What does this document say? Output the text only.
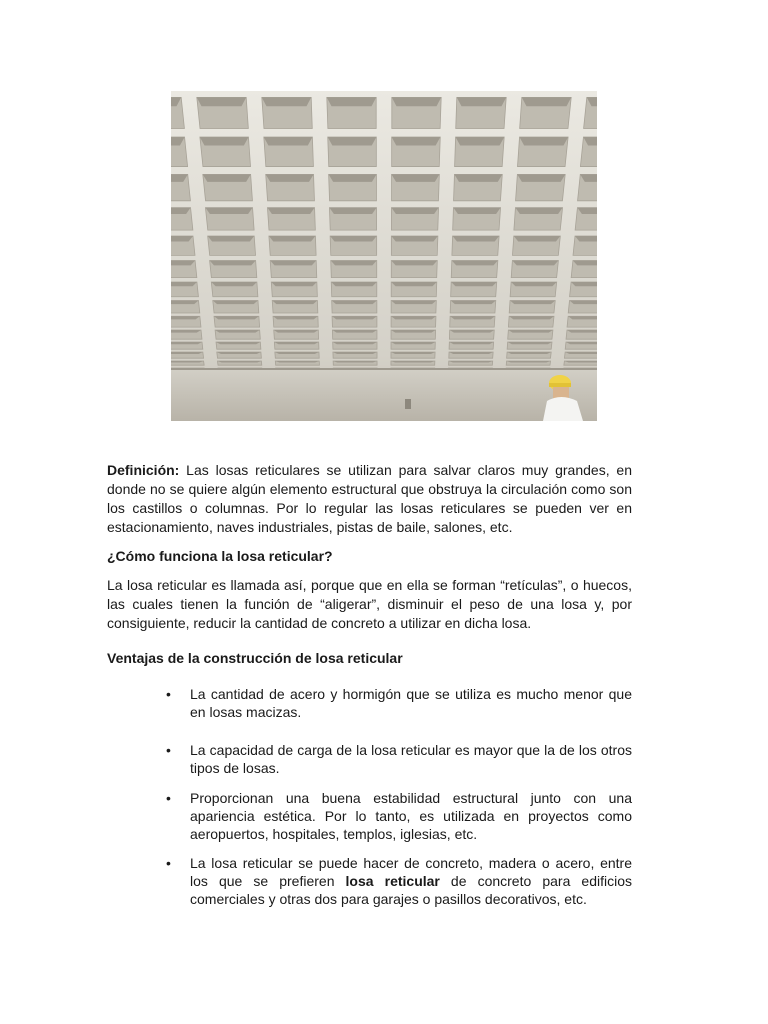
Definición: Las losas reticulares se utilizan para salvar claros muy grandes, en donde no se quiere algún elemento estructural que obstruya la circulación como son los castillos o columnas. Por lo regular las losas reticulares se pueden ver en estacionamiento, naves industriales, pistas de baile, salones, etc.

¿Cómo funciona la losa reticular?

La losa reticular es llamada así, porque que en ella se forman “retículas”, o huecos, las cuales tienen la función de “aligerar”, disminuir el peso de una losa y, por consiguiente, reducir la cantidad de concreto a utilizar en dicha losa.

Ventajas de la construcción de losa reticular

• La cantidad de acero y hormigón que se utiliza es mucho menor que en losas macizas.
• La capacidad de carga de la losa reticular es mayor que la de los otros tipos de losas.
• Proporcionan una buena estabilidad estructural junto con una apariencia estética. Por lo tanto, es utilizada en proyectos como aeropuertos, hospitales, templos, iglesias, etc.
• La losa reticular se puede hacer de concreto, madera o acero, entre los que se prefieren losa reticular de concreto para edificios comerciales y otras dos para garajes o pasillos decorativos, etc.
